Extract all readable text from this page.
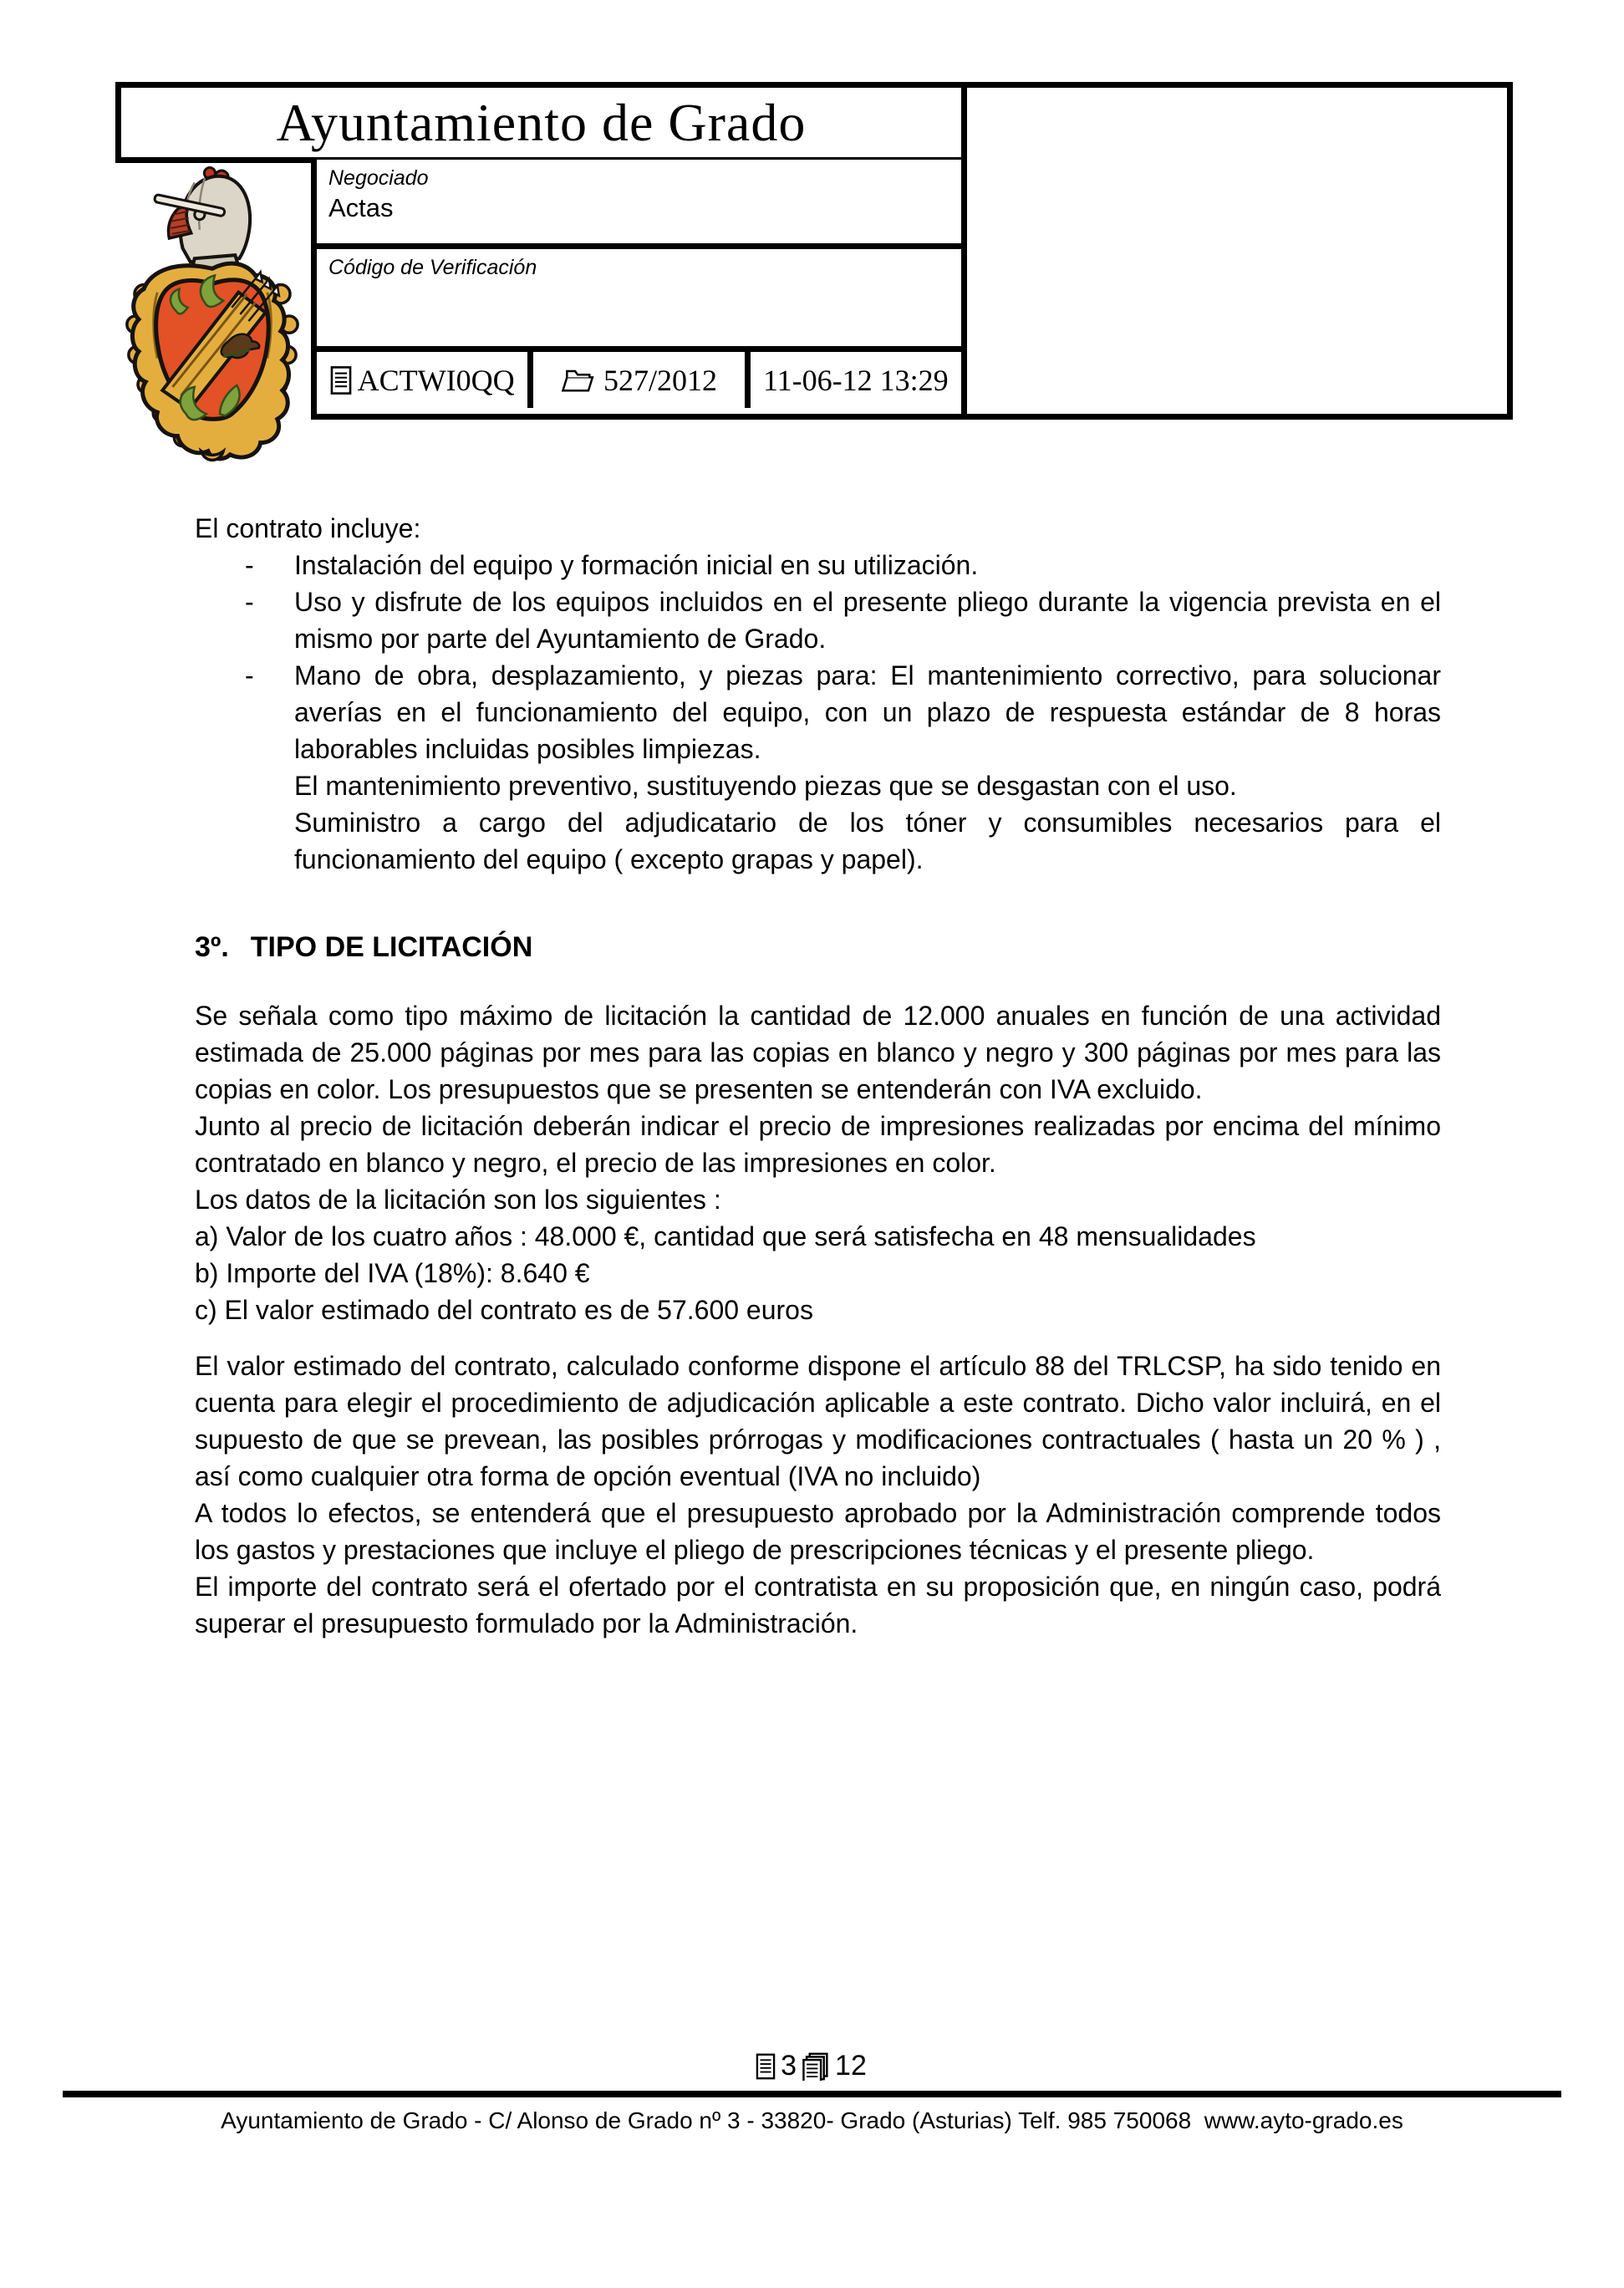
Ayuntamiento de Grado
Negociado
Actas
Código de Verificación
ACTWI0QQ	527/2012 11-06-12 13:29

El contrato incluye:

- Instalación del equipo y formación inicial en su utilización.
- Uso y disfrute de los equipos incluidos en el presente pliego durante la vigencia prevista en el mismo por parte del Ayuntamiento de Grado.
- Mano de obra, desplazamiento, y piezas para: El mantenimiento correctivo, para solucionar averías en el funcionamiento del equipo, con un plazo de respuesta estándar de 8 horas laborables incluidas posibles limpiezas.
El mantenimiento preventivo, sustituyendo piezas que se desgastan con el uso.
Suministro a cargo del adjudicatario de los tóner y consumibles necesarios para el funcionamiento del equipo ( excepto grapas y papel).
3º. TIPO DE LICITACIÓN

Se señala como tipo máximo de licitación la cantidad de 12.000 anuales en función de una actividad estimada de 25.000 páginas por mes para las copias en blanco y negro y 300 páginas por mes para las copias en color. Los presupuestos que se presenten se entenderán con IVA excluido.

Junto al precio de licitación deberán indicar el precio de impresiones realizadas por encima del mínimo contratado en blanco y negro, el precio de las impresiones en color.

Los datos de la licitación son los siguientes :

a) Valor de los cuatro años : 48.000 €, cantidad que será satisfecha en 48 mensualidades
b) Importe del IVA (18%): 8.640 €
c) El valor estimado del contrato es de 57.600 euros

El valor estimado del contrato, calculado conforme dispone el artículo 88 del TRLCSP, ha sido tenido en cuenta para elegir el procedimiento de adjudicación aplicable a este contrato. Dicho valor incluirá, en el supuesto de que se prevean, las posibles prórrogas y modificaciones contractuales ( hasta un 20 % ) , así como cualquier otra forma de opción eventual (IVA no incluido)

A todos lo efectos, se entenderá que el presupuesto aprobado por la Administración comprende todos los gastos y prestaciones que incluye el pliego de prescripciones técnicas y el presente pliego.

El importe del contrato será el ofertado por el contratista en su proposición que, en ningún caso, podrá superar el presupuesto formulado por la Administración.

3 12
Ayuntamiento de Grado - C/ Alonso de Grado nº 3 - 33820- Grado (Asturias) Telf. 985 750068  www.ayto-grado.es
